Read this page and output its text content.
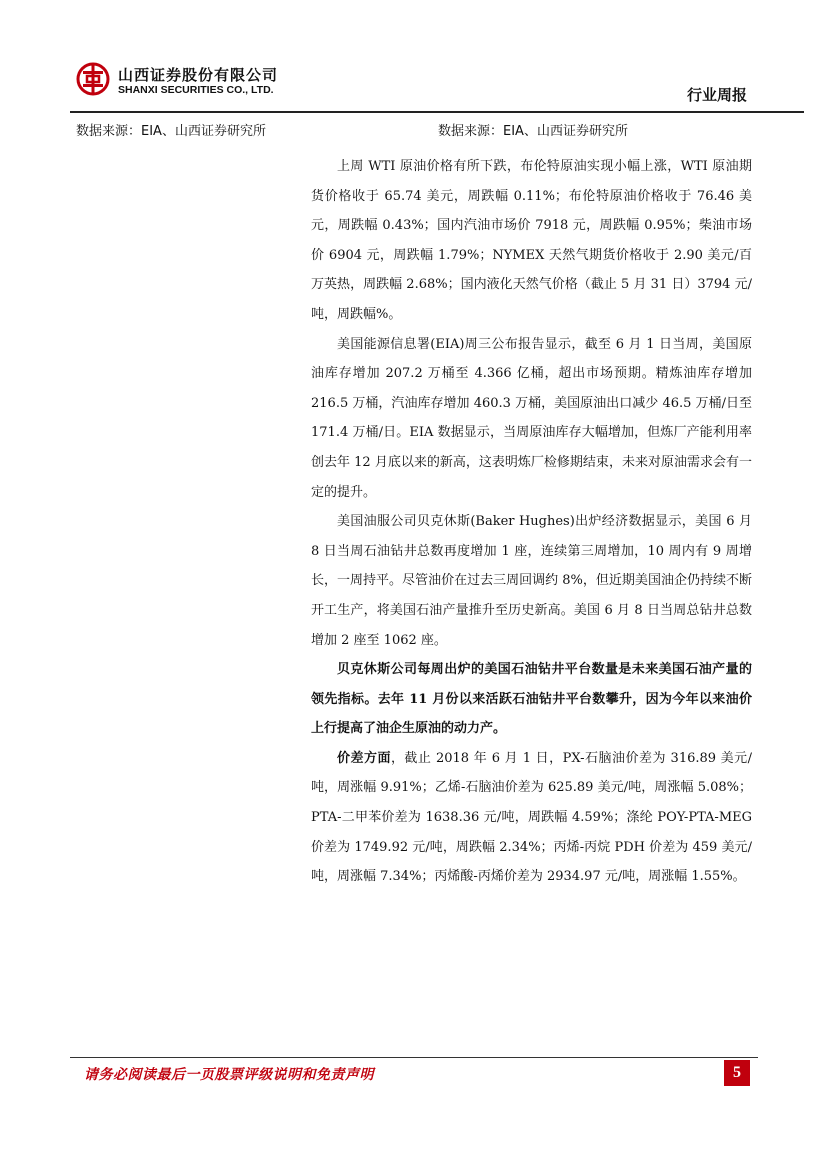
山西证券股份有限公司
SHANXI SECURITIES CO., LTD.	行业周报
数据来源：EIA、山西证券研究所	数据来源：EIA、山西证券研究所

上周 WTI 原油价格有所下跌，布伦特原油实现小幅上涨，WTI 原油期货价格收于 65.74 美元，周跌幅 0.11%；布伦特原油价格收于 76.46 美元，周跌幅 0.43%；国内汽油市场价 7918 元，周跌幅 0.95%；柴油市场价 6904 元，周跌幅 1.79%；NYMEX 天然气期货价格收于 2.90 美元/百万英热，周跌幅 2.68%；国内液化天然气价格（截止 5 月 31 日）3794 元/吨，周跌幅%。

美国能源信息署(EIA)周三公布报告显示，截至 6 月 1 日当周，美国原油库存增加 207.2 万桶至 4.366 亿桶，超出市场预期。精炼油库存增加 216.5 万桶，汽油库存增加 460.3 万桶，美国原油出口减少 46.5 万桶/日至 171.4 万桶/日。EIA 数据显示，当周原油库存大幅增加，但炼厂产能利用率创去年 12 月底以来的新高，这表明炼厂检修期结束，未来对原油需求会有一定的提升。

美国油服公司贝克休斯(Baker Hughes)出炉经济数据显示，美国 6 月 8 日当周石油钻井总数再度增加 1 座，连续第三周增加，10 周内有 9 周增长，一周持平。尽管油价在过去三周回调约 8%，但近期美国油企仍持续不断开工生产，将美国石油产量推升至历史新高。美国 6 月 8 日当周总钻井总数增加 2 座至 1062 座。

贝克休斯公司每周出炉的美国石油钻井平台数量是未来美国石油产量的领先指标。去年 11 月份以来活跃石油钻井平台数攀升，因为今年以来油价上行提高了油企生原油的动力产。

价差方面，截止 2018 年 6 月 1 日，PX-石脑油价差为 316.89 美元/吨，周涨幅 9.91%；乙烯-石脑油价差为 625.89 美元/吨，周涨幅 5.08%；PTA-二甲苯价差为 1638.36 元/吨，周跌幅 4.59%；涤纶 POY-PTA-MEG 价差为 1749.92 元/吨，周跌幅 2.34%；丙烯-丙烷 PDH 价差为 459 美元/吨，周涨幅 7.34%；丙烯酸-丙烯价差为 2934.97 元/吨，周涨幅 1.55%。

请务必阅读最后一页股票评级说明和免责声明	5
